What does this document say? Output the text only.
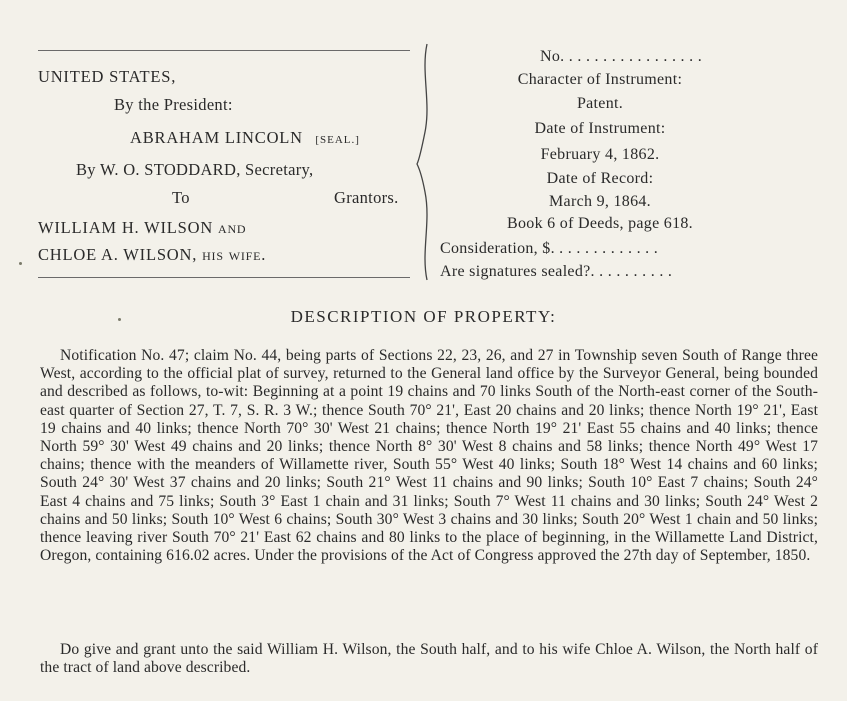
UNITED STATES,
By the President:
ABRAHAM LINCOLN [SEAL.]
By W. O. STODDARD, Secretary,
To	Grantors.
WILLIAM H. WILSON and
CHLOE A. WILSON, his wife.
No. . . . . . . . . . . . . . . . .
Character of Instrument:
Patent.
Date of Instrument:
February 4, 1862.
Date of Record:
March 9, 1864.
Book 6 of Deeds, page 618.
Consideration, $. . . . . . . . . . . . .
Are signatures sealed?. . . . . . . . . .
DESCRIPTION OF PROPERTY:
Notification No. 47; claim No. 44, being parts of Sections 22, 23, 26, and 27 in Township seven South of Range three West, according to the official plat of survey, returned to the General land office by the Surveyor General, being bounded and described as follows, to-wit: Beginning at a point 19 chains and 70 links South of the North-east corner of the South-east quarter of Section 27, T. 7, S. R. 3 W.; thence South 70° 21', East 20 chains and 20 links; thence North 19° 21', East 19 chains and 40 links; thence North 70° 30' West 21 chains; thence North 19° 21' East 55 chains and 40 links; thence North 59° 30' West 49 chains and 20 links; thence North 8° 30' West 8 chains and 58 links; thence North 49° West 17 chains; thence with the meanders of Willamette river, South 55° West 40 links; South 18° West 14 chains and 60 links; South 24° 30' West 37 chains and 20 links; South 21° West 11 chains and 90 links; South 10° East 7 chains; South 24° East 4 chains and 75 links; South 3° East 1 chain and 31 links; South 7° West 11 chains and 30 links; South 24° West 2 chains and 50 links; South 10° West 6 chains; South 30° West 3 chains and 30 links; South 20° West 1 chain and 50 links; thence leaving river South 70° 21' East 62 chains and 80 links to the place of beginning, in the Willamette Land District, Oregon, containing 616.02 acres. Under the provisions of the Act of Congress approved the 27th day of September, 1850.
Do give and grant unto the said William H. Wilson, the South half, and to his wife Chloe A. Wilson, the North half of the tract of land above described.
